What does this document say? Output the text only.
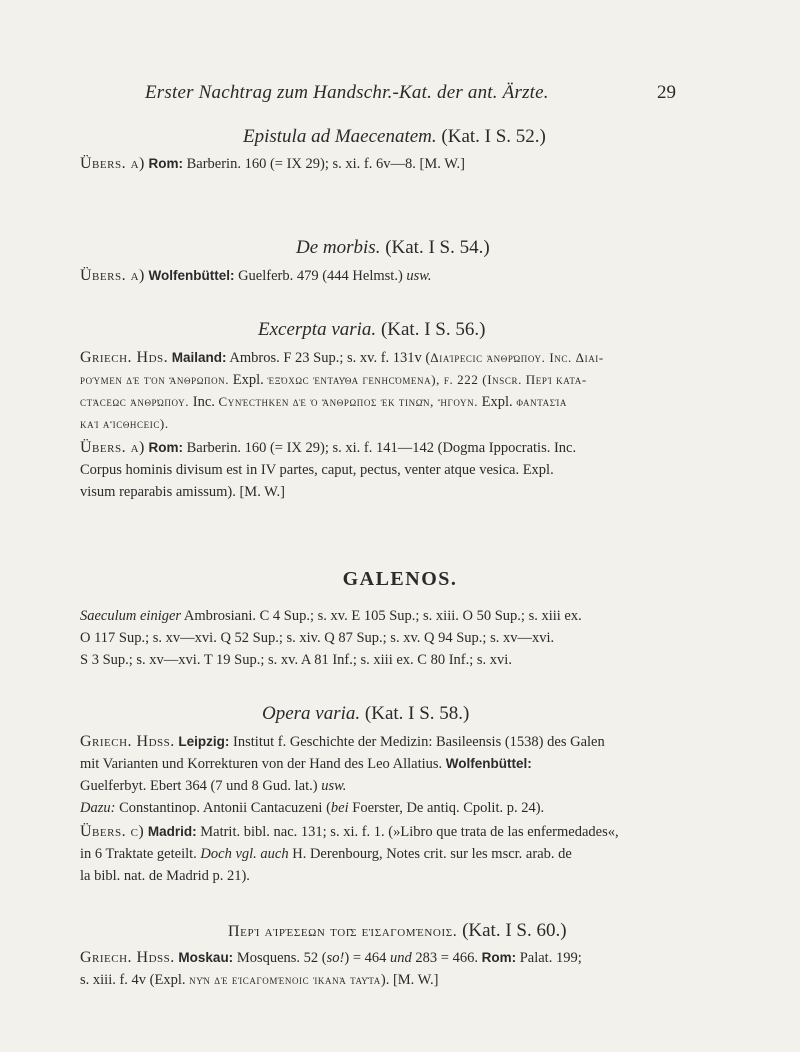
Erster Nachtrag zum Handschr.-Kat. der ant. Ärzte.	29
Epistula ad Maecenatem. (Kat. I S. 52.)
Übers. a) Rom: Barberin. 160 (= IX 29); s. xi. f. 6v—8. [M. W.]
De morbis. (Kat. I S. 54.)
Übers. a) Wolfenbüttel: Guelferb. 479 (444 Helmst.) usw.
Excerpta varia. (Kat. I S. 56.)
Griech. Hds. Mailand: Ambros. F 23 Sup.; s. xv. f. 131v (Διαίρεcιc ἀνθρώπου. Inc. Διαι-
ρούμεν δὲ τὸν ἄνθρωπον. Expl. ἑξόχωc ἐνταῦθα γενηcόμενα), f. 222 (Inscr. Περὶ κατα-
cτάcεωc ἀνθρώπου. Inc. Cυνέcτηκεν δὲ ὁ ἄνθρωπος ἐκ τινῶν, ἤγουν. Expl. φαντασία
καὶ αἴcθηcειc).
Übers. a) Rom: Barberin. 160 (= IX 29); s. xi. f. 141—142 (Dogma Ippocratis. Inc.
Corpus hominis divisum est in IV partes, caput, pectus, venter atque vesica. Expl.
visum reparabis amissum). [M. W.]
GALENOS.
Saeculum einiger Ambrosiani. C 4 Sup.; s. xv. E 105 Sup.; s. xiii. O 50 Sup.; s. xiii ex.
O 117 Sup.; s. xv—xvi. Q 52 Sup.; s. xiv. Q 87 Sup.; s. xv. Q 94 Sup.; s. xv—xvi.
S 3 Sup.; s. xv—xvi. T 19 Sup.; s. xv. A 81 Inf.; s. xiii ex. C 80 Inf.; s. xvi.
Opera varia. (Kat. I S. 58.)
Griech. Hdss. Leipzig: Institut f. Geschichte der Medizin: Basileensis (1538) des Galen
mit Varianten und Korrekturen von der Hand des Leo Allatius. Wolfenbüttel:
Guelferbyt. Ebert 364 (7 und 8 Gud. lat.) usw.
Dazu: Constantinop. Antonii Cantacuzeni (bei Foerster, De antiq. Cpolit. p. 24).
Übers. c) Madrid: Matrit. bibl. nac. 131; s. xi. f. 1. (»Libro que trata de las enfermedades«,
in 6 Traktate geteilt. Doch vgl. auch H. Derenbourg, Notes crit. sur les mscr. arab. de
la bibl. nat. de Madrid p. 21).
Περὶ αἱρέσεων τοῖς εἰσαγομένοις. (Kat. I S. 60.)
Griech. Hdss. Moskau: Mosquens. 52 (so!) = 464 und 283 = 466. Rom: Palat. 199;
s. xiii. f. 4v (Expl. νῦν δὲ εἰcαγομένοιc ἱκανὰ ταῦτα). [M. W.]
